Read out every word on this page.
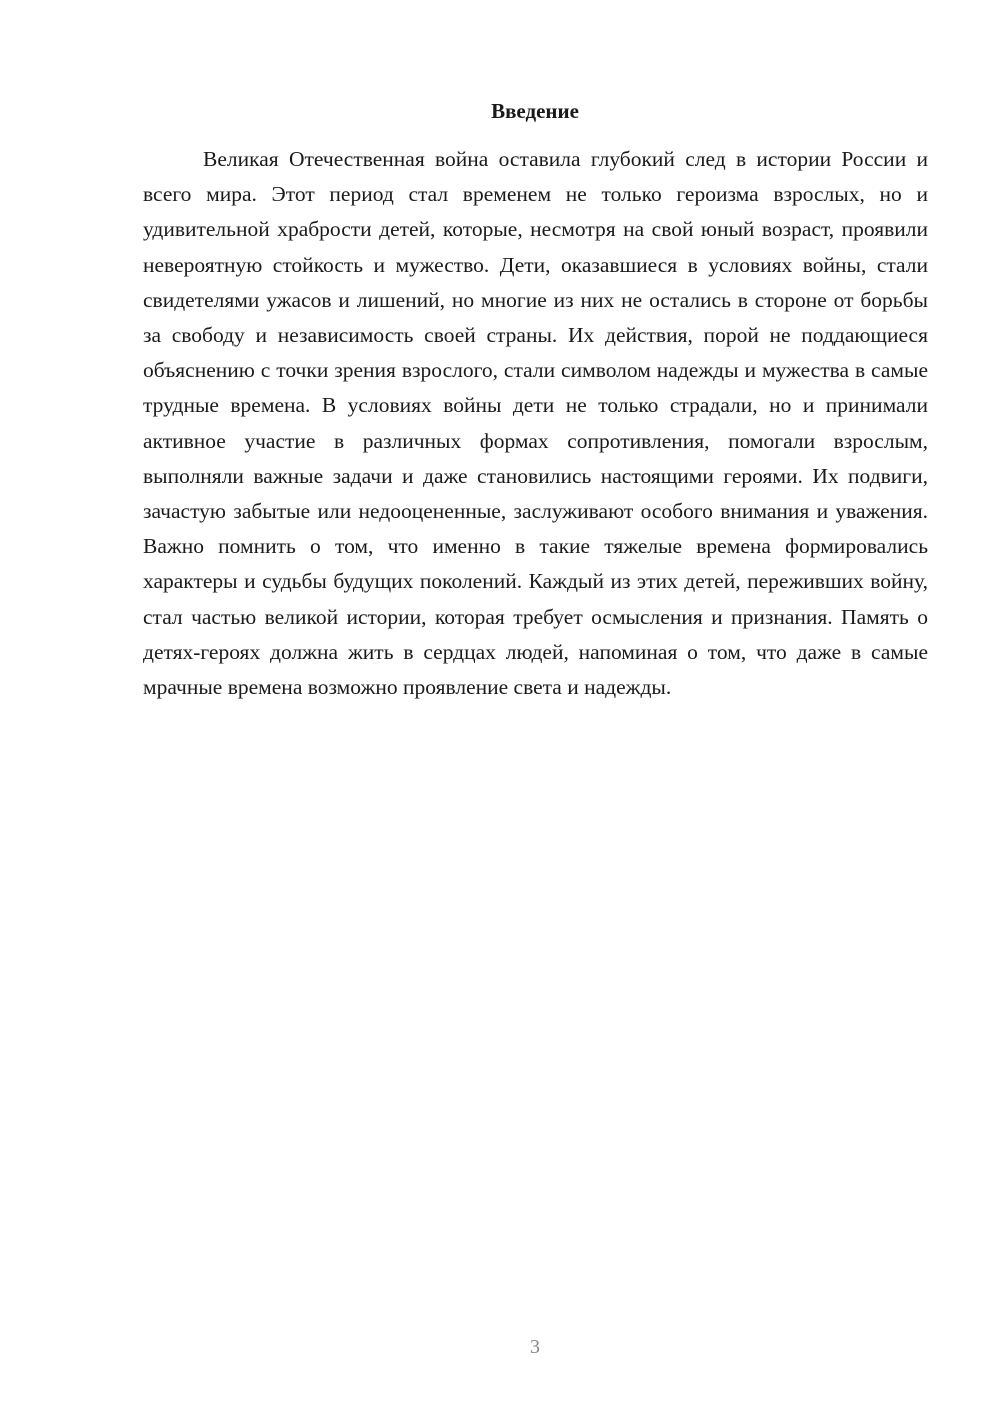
Введение

Великая Отечественная война оставила глубокий след в истории России и всего мира. Этот период стал временем не только героизма взрослых, но и удивительной храбрости детей, которые, несмотря на свой юный возраст, проявили невероятную стойкость и мужество. Дети, оказавшиеся в условиях войны, стали свидетелями ужасов и лишений, но многие из них не остались в стороне от борьбы за свободу и независимость своей страны. Их действия, порой не поддающиеся объяснению с точки зрения взрослого, стали символом надежды и мужества в самые трудные времена. В условиях войны дети не только страдали, но и принимали активное участие в различных формах сопротивления, помогали взрослым, выполняли важные задачи и даже становились настоящими героями. Их подвиги, зачастую забытые или недооцененные, заслуживают особого внимания и уважения. Важно помнить о том, что именно в такие тяжелые времена формировались характеры и судьбы будущих поколений. Каждый из этих детей, переживших войну, стал частью великой истории, которая требует осмысления и признания. Память о детях-героях должна жить в сердцах людей, напоминая о том, что даже в самые мрачные времена возможно проявление света и надежды.

3
